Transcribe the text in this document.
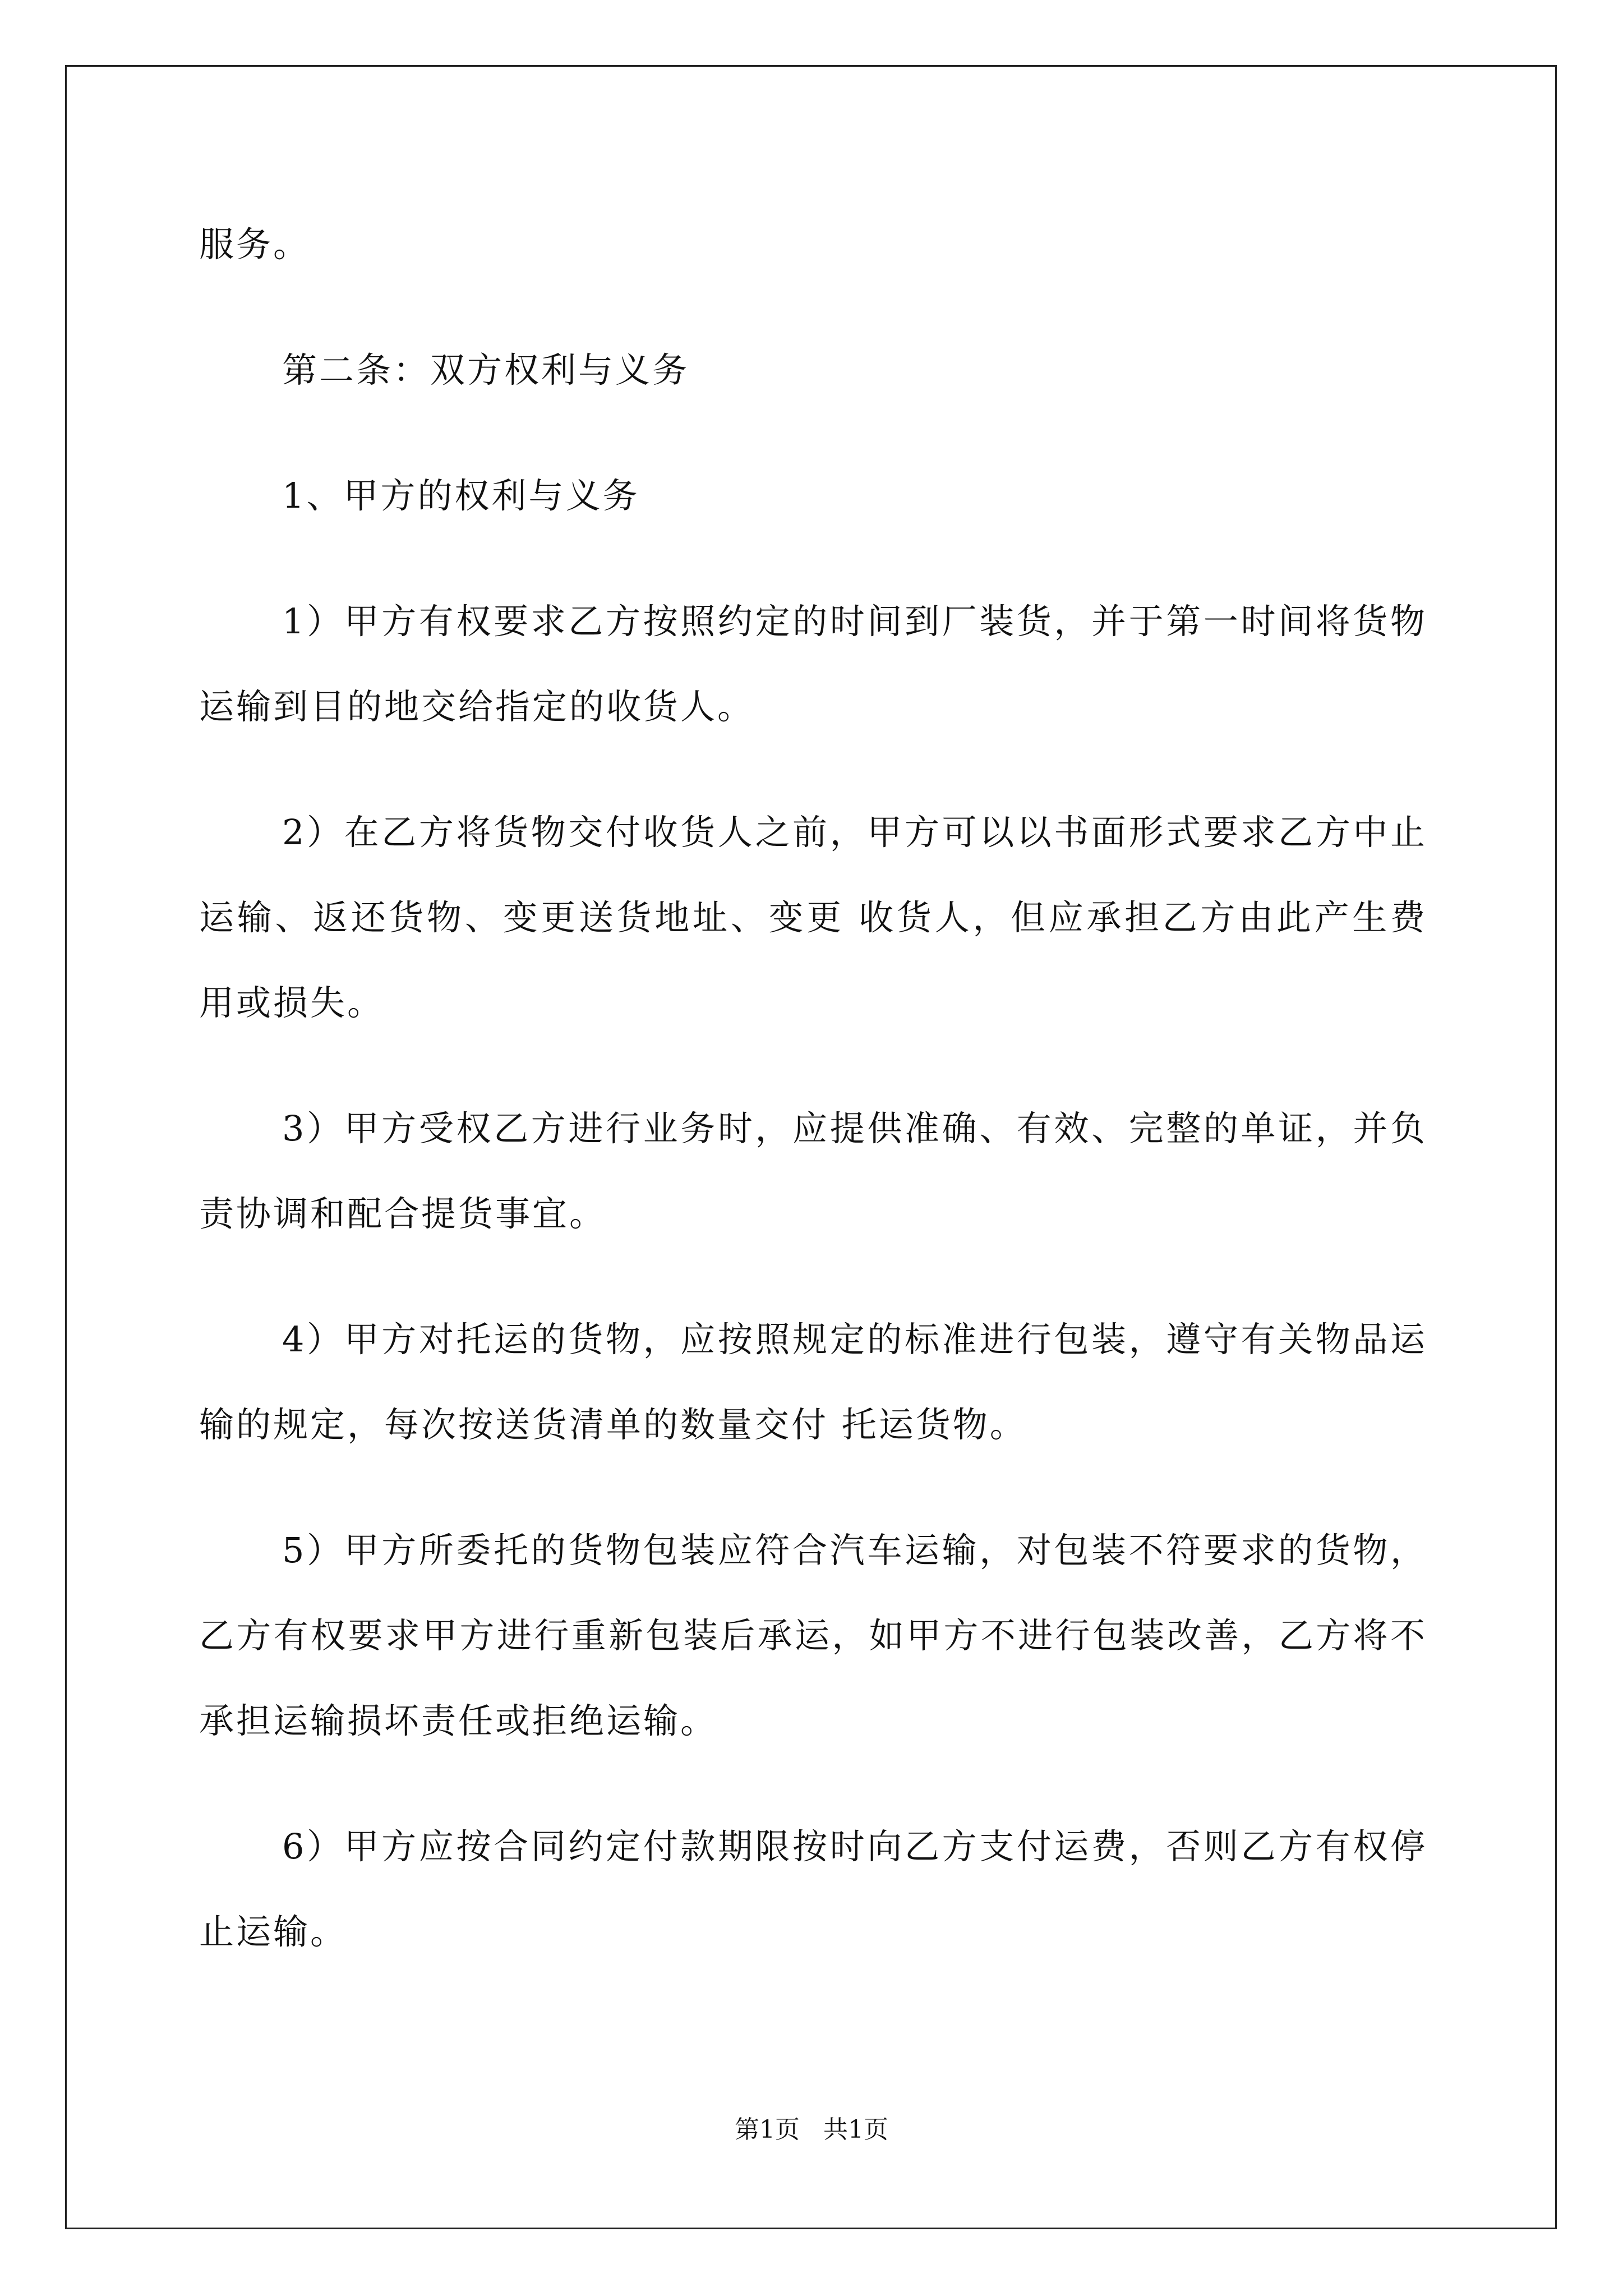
服务。

第二条：双方权利与义务

1、甲方的权利与义务

1）甲方有权要求乙方按照约定的时间到厂装货，并于第一时间将货物运输到目的地交给指定的收货人。

2）在乙方将货物交付收货人之前，甲方可以以书面形式要求乙方中止运输、返还货物、变更送货地址、变更 收货人，但应承担乙方由此产生费用或损失。

3）甲方受权乙方进行业务时，应提供准确、有效、完整的单证，并负责协调和配合提货事宜。

4）甲方对托运的货物，应按照规定的标准进行包装，遵守有关物品运输的规定，每次按送货清单的数量交付 托运货物。

5）甲方所委托的货物包装应符合汽车运输，对包装不符要求的货物，乙方有权要求甲方进行重新包装后承运，如甲方不进行包装改善，乙方将不承担运输损坏责任或拒绝运输。

6）甲方应按合同约定付款期限按时向乙方支付运费，否则乙方有权停止运输。

第1页   共1页
